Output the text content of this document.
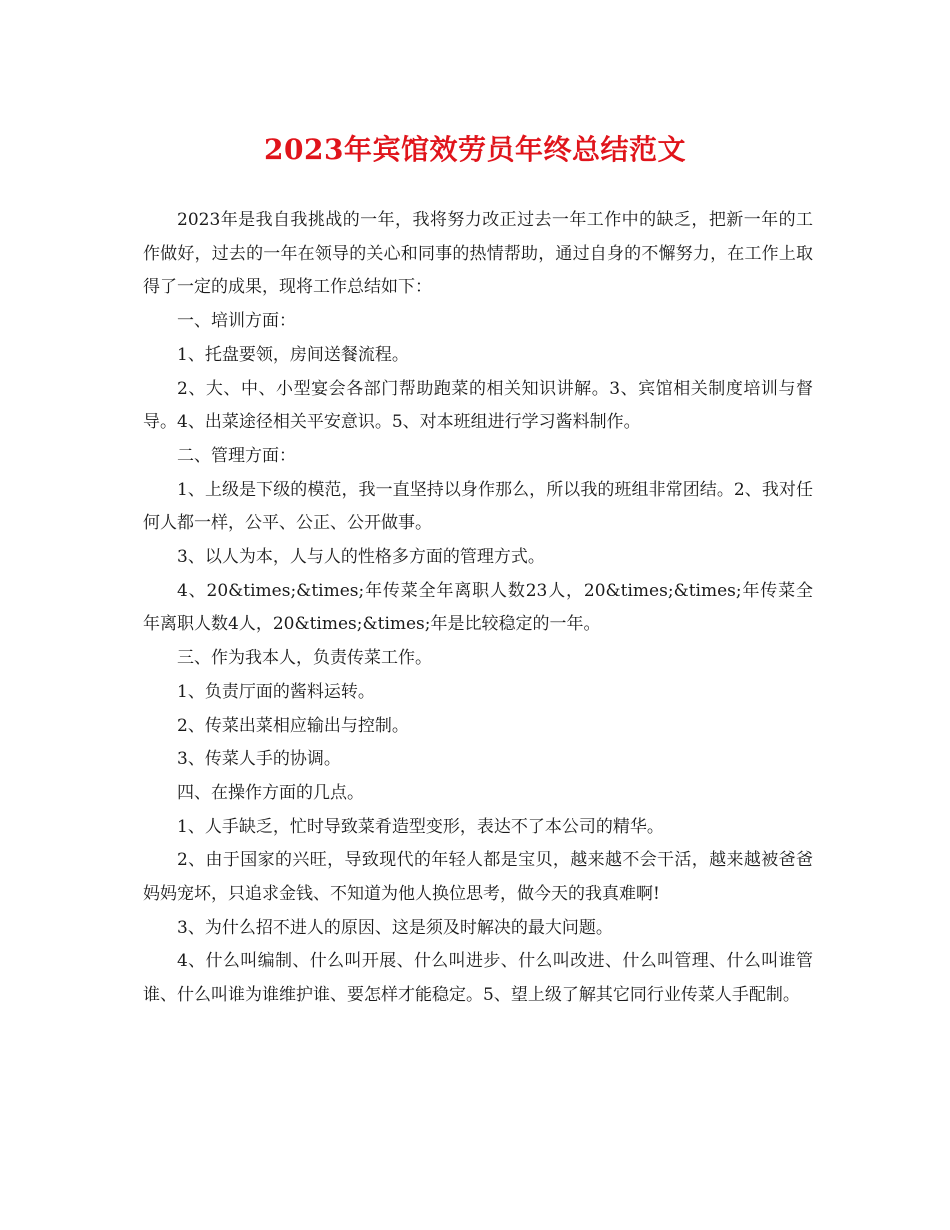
2023年宾馆效劳员年终总结范文

2023年是我自我挑战的一年，我将努力改正过去一年工作中的缺乏，把新一年的工作做好，过去的一年在领导的关心和同事的热情帮助，通过自身的不懈努力，在工作上取得了一定的成果，现将工作总结如下：

一、培训方面：

1、托盘要领，房间送餐流程。

2、大、中、小型宴会各部门帮助跑菜的相关知识讲解。3、宾馆相关制度培训与督导。4、出菜途径相关平安意识。5、对本班组进行学习酱料制作。

二、管理方面：

1、上级是下级的模范，我一直坚持以身作那么，所以我的班组非常团结。2、我对任何人都一样，公平、公正、公开做事。

3、以人为本，人与人的性格多方面的管理方式。

4、20&times;&times;年传菜全年离职人数23人，20&times;&times;年传菜全年离职人数4人，20&times;&times;年是比较稳定的一年。

三、作为我本人，负责传菜工作。

1、负责厅面的酱料运转。

2、传菜出菜相应输出与控制。

3、传菜人手的协调。

四、在操作方面的几点。

1、人手缺乏，忙时导致菜肴造型变形，表达不了本公司的精华。

2、由于国家的兴旺，导致现代的年轻人都是宝贝，越来越不会干活，越来越被爸爸妈妈宠坏，只追求金钱、不知道为他人换位思考，做今天的我真难啊!

3、为什么招不进人的原因、这是须及时解决的最大问题。

4、什么叫编制、什么叫开展、什么叫进步、什么叫改进、什么叫管理、什么叫谁管谁、什么叫谁为谁维护谁、要怎样才能稳定。5、望上级了解其它同行业传菜人手配制。
